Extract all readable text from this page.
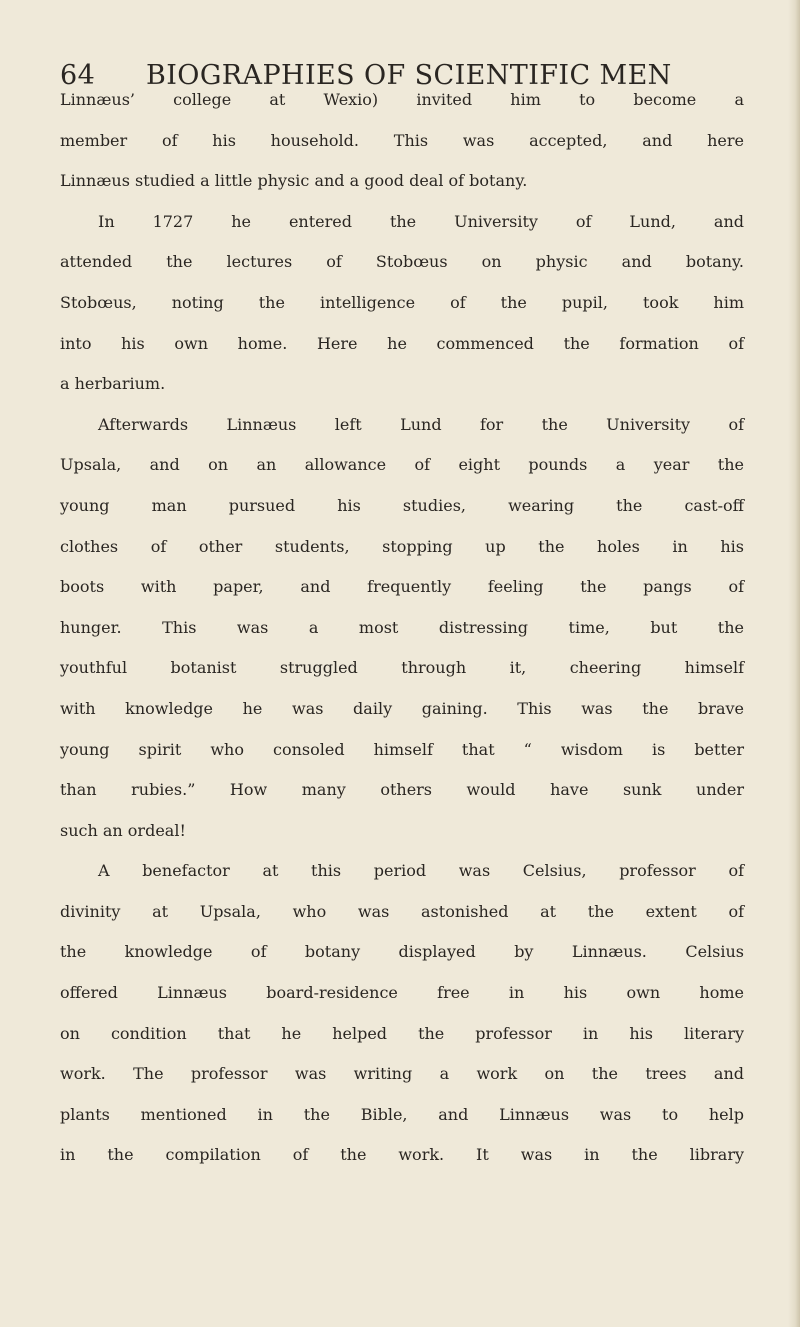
64 BIOGRAPHIES OF SCIENTIFIC MEN
Linnæus’ college at Wexio) invited him to become a
member of his household. This was accepted, and here
Linnæus studied a little physic and a good deal of botany.
In 1727 he entered the University of Lund, and
attended the lectures of Stobœus on physic and botany.
Stobœus, noting the intelligence of the pupil, took him
into his own home. Here he commenced the formation of
a herbarium.
Afterwards Linnæus left Lund for the University of
Upsala, and on an allowance of eight pounds a year the
young man pursued his studies, wearing the cast-off
clothes of other students, stopping up the holes in his
boots with paper, and frequently feeling the pangs of
hunger. This was a most distressing time, but the
youthful botanist struggled through it, cheering himself
with knowledge he was daily gaining. This was the brave
young spirit who consoled himself that “ wisdom is better
than rubies.” How many others would have sunk under
such an ordeal!
A benefactor at this period was Celsius, professor of
divinity at Upsala, who was astonished at the extent of
the knowledge of botany displayed by Linnæus. Celsius
offered Linnæus board-residence free in his own home
on condition that he helped the professor in his literary
work. The professor was writing a work on the trees and
plants mentioned in the Bible, and Linnæus was to help
in the compilation of the work. It was in the library
